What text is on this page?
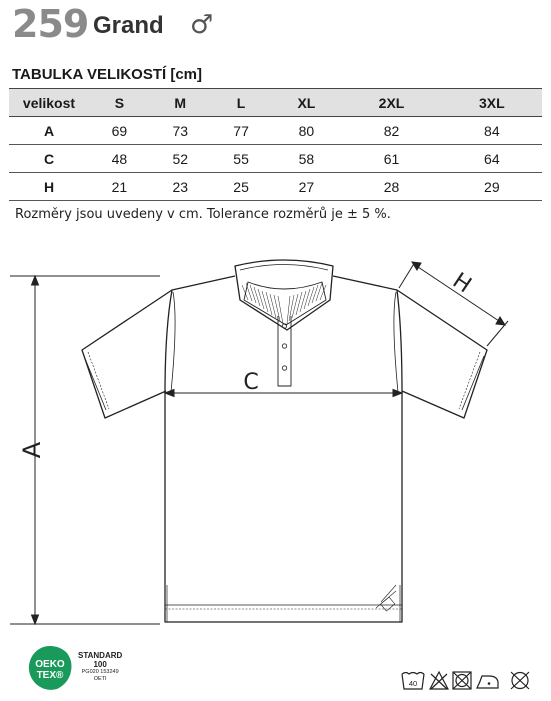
259 Grand ♂
TABULKA VELIKOSTÍ [cm]
velikost	S	M	L	XL	2XL	3XL
A	69	73	77	80	82	84
C	48	52	55	58	61	64
H	21	23	25	27	28	29
Rozměry jsou uvedeny v cm. Tolerance rozměrů je ± 5 %.
A
C
H
OEKO
TEX®
STANDARD
100
PG020 153249
OETI	40
